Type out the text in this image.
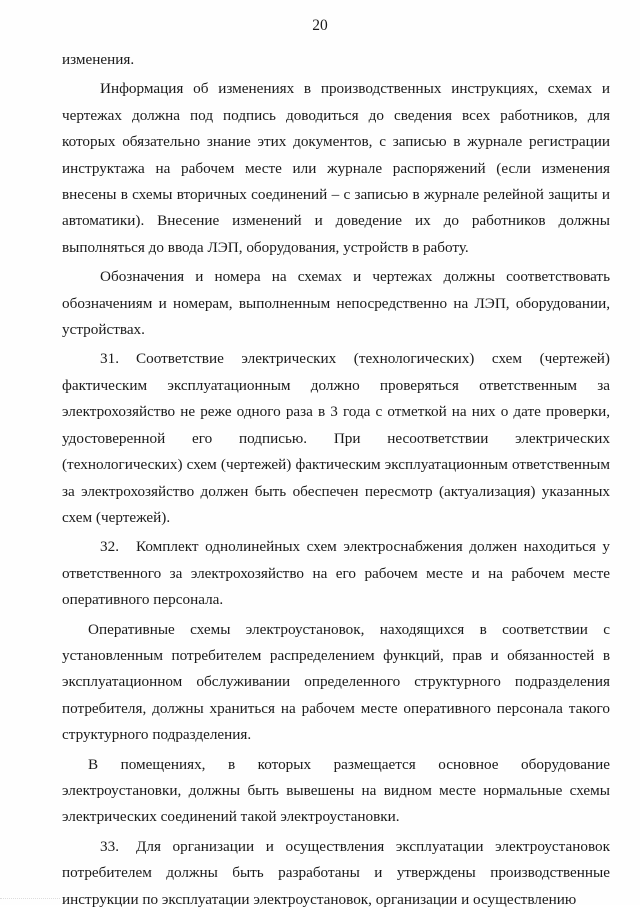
20

изменения.

Информация об изменениях в производственных инструкциях, схемах и чертежах должна под подпись доводиться до сведения всех работников, для которых обязательно знание этих документов, с записью в журнале регистрации инструктажа на рабочем месте или журнале распоряжений (если изменения внесены в схемы вторичных соединений – с записью в журнале релейной защиты и автоматики). Внесение изменений и доведение их до работников должны выполняться до ввода ЛЭП, оборудования, устройств в работу.

Обозначения и номера на схемах и чертежах должны соответствовать обозначениям и номерам, выполненным непосредственно на ЛЭП, оборудовании, устройствах.

31. Соответствие электрических (технологических) схем (чертежей) фактическим эксплуатационным должно проверяться ответственным за электрохозяйство не реже одного раза в 3 года с отметкой на них о дате проверки, удостоверенной его подписью. При несоответствии электрических (технологических) схем (чертежей) фактическим эксплуатационным ответственным за электрохозяйство должен быть обеспечен пересмотр (актуализация) указанных схем (чертежей).

32. Комплект однолинейных схем электроснабжения должен находиться у ответственного за электрохозяйство на его рабочем месте и на рабочем месте оперативного персонала.

Оперативные схемы электроустановок, находящихся в соответствии с установленным потребителем распределением функций, прав и обязанностей в эксплуатационном обслуживании определенного структурного подразделения потребителя, должны храниться на рабочем месте оперативного персонала такого структурного подразделения.

В помещениях, в которых размещается основное оборудование электроустановки, должны быть вывешены на видном месте нормальные схемы электрических соединений такой электроустановки.

33. Для организации и осуществления эксплуатации электроустановок потребителем должны быть разработаны и утверждены производственные инструкции по эксплуатации электроустановок, организации и осуществлению
